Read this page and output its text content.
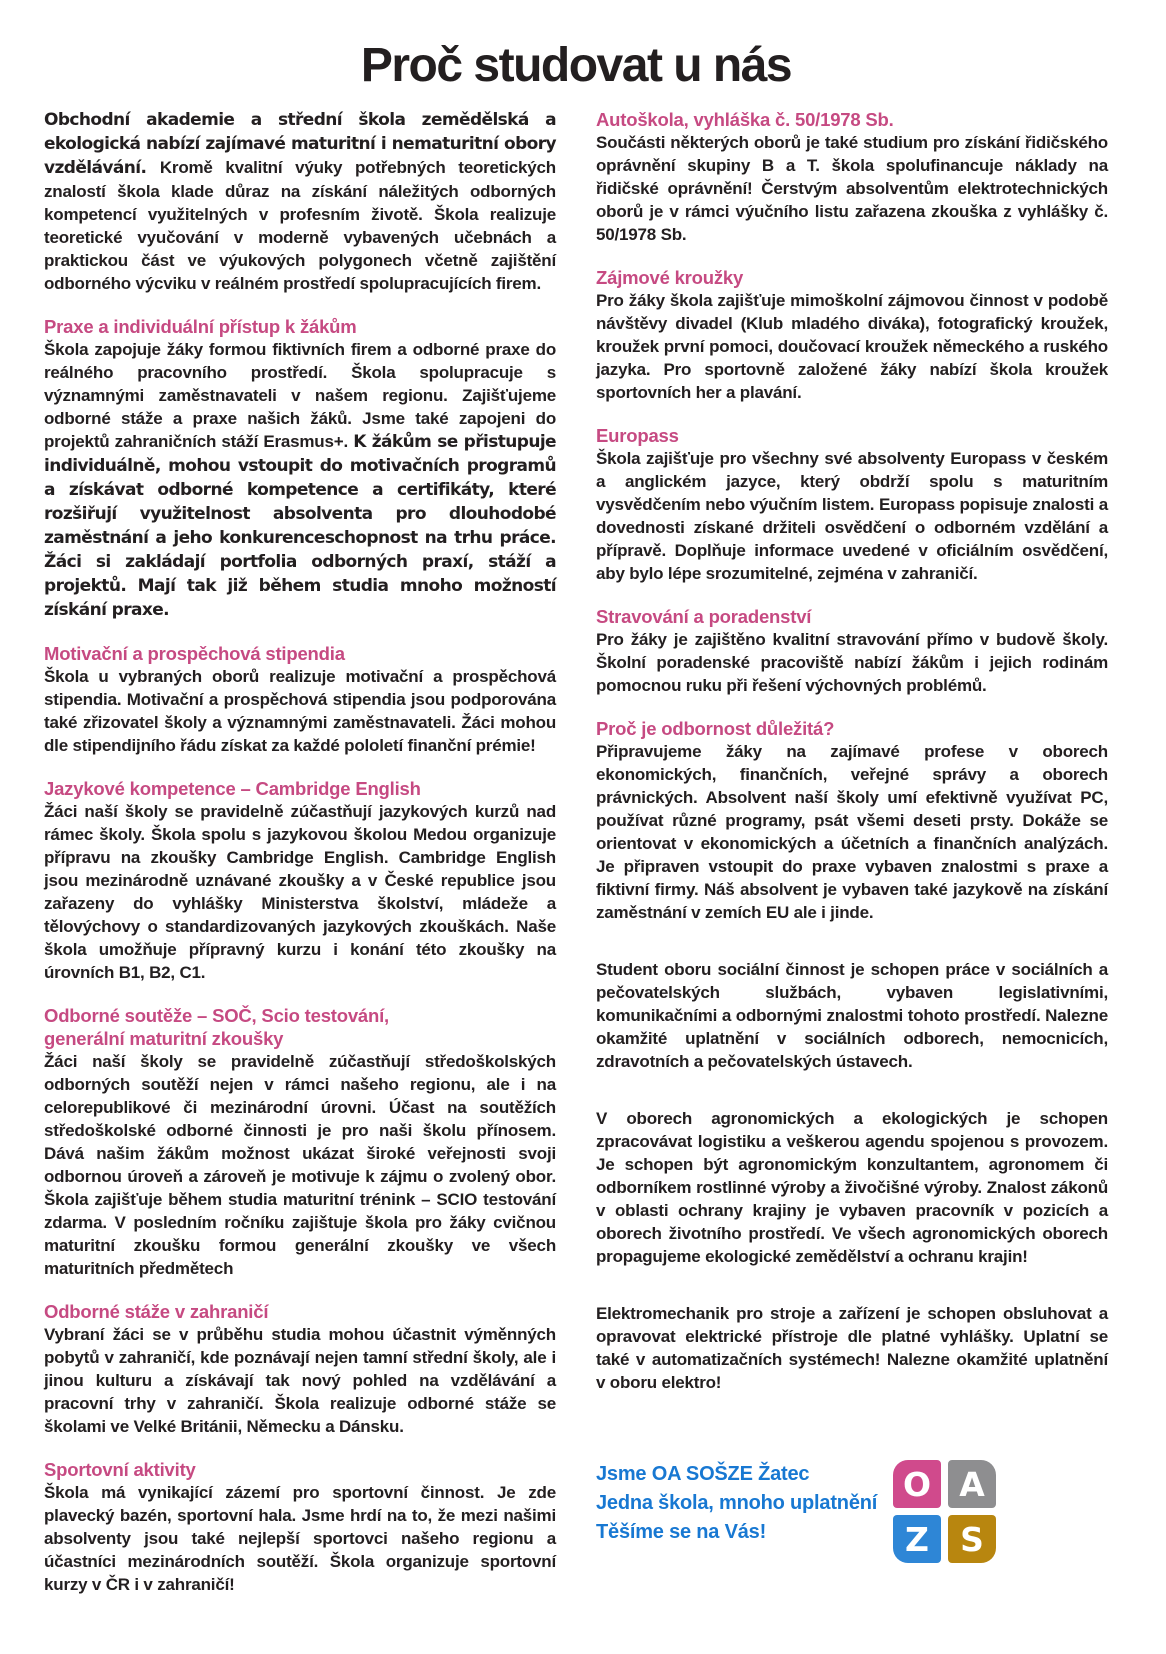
Proč studovat u nás

Obchodní akademie a střední škola zemědělská a ekologická nabízí zajímavé maturitní i nematuritní obory vzdělávání. Kromě kvalitní výuky potřebných teoretických znalostí škola klade důraz na získání náležitých odborných kompetencí využitelných v profesním životě. Škola realizuje teoretické vyučování v moderně vybavených učebnách a praktickou část ve výukových polygonech včetně zajištění odborného výcviku v reálném prostředí spolupracujících firem.

Praxe a individuální přístup k žákům

Škola zapojuje žáky formou fiktivních firem a odborné praxe do reálného pracovního prostředí. Škola spolupracuje s významnými zaměstnavateli v našem regionu. Zajišťujeme odborné stáže a praxe našich žáků. Jsme také zapojeni do projektů zahraničních stáží Erasmus+. K žákům se přistupuje individuálně, mohou vstoupit do motivačních programů a získávat odborné kompetence a certifikáty, které rozšiřují využitelnost absolventa pro dlouhodobé zaměstnání a jeho konkurenceschopnost na trhu práce. Žáci si zakládají portfolia odborných praxí, stáží a projektů. Mají tak již během studia mnoho možností získání praxe.

Motivační a prospěchová stipendia

Škola u vybraných oborů realizuje motivační a prospěchová stipendia. Motivační a prospěchová stipendia jsou podporována také zřizovatel školy a významnými zaměstnavateli. Žáci mohou dle stipendijního řádu získat za každé pololetí finanční prémie!

Jazykové kompetence – Cambridge English

Žáci naší školy se pravidelně zúčastňují jazykových kurzů nad rámec školy. Škola spolu s jazykovou školou Medou organizuje přípravu na zkoušky Cambridge English. Cambridge English jsou mezinárodně uznávané zkoušky a v České republice jsou zařazeny do vyhlášky Ministerstva školství, mládeže a tělovýchovy o standardizovaných jazykových zkouškách. Naše škola umožňuje přípravný kurzu i konání této zkoušky na úrovních B1, B2, C1.

Odborné soutěže – SOČ, Scio testování,
generální maturitní zkoušky

Žáci naší školy se pravidelně zúčastňují středoškolských odborných soutěží nejen v rámci našeho regionu, ale i na celorepublikové či mezinárodní úrovni. Účast na soutěžích středoškolské odborné činnosti je pro naši školu přínosem. Dává našim žákům možnost ukázat široké veřejnosti svoji odbornou úroveň a zároveň je motivuje k zájmu o zvolený obor. Škola zajišťuje během studia maturitní trénink – SCIO testování zdarma. V posledním ročníku zajištuje škola pro žáky cvičnou maturitní zkoušku formou generální zkoušky ve všech maturitních předmětech

Odborné stáže v zahraničí

Vybraní žáci se v průběhu studia mohou účastnit výměnných pobytů v zahraničí, kde poznávají nejen tamní střední školy, ale i jinou kulturu a získávají tak nový pohled na vzdělávání a pracovní trhy v zahraničí. Škola realizuje odborné stáže se školami ve Velké Británii, Německu a Dánsku.

Sportovní aktivity

Škola má vynikající zázemí pro sportovní činnost. Je zde plavecký bazén, sportovní hala. Jsme hrdí na to, že mezi našimi absolventy jsou také nejlepší sportovci našeho regionu a účastníci mezinárodních soutěží. Škola organizuje sportovní kurzy v ČR i v zahraničí!

Autoškola, vyhláška č. 50/1978 Sb.

Součásti některých oborů je také studium pro získání řidičského oprávnění skupiny B a T. škola spolufinancuje náklady na řidičské oprávnění! Čerstvým absolventům elektrotechnických oborů je v rámci výučního listu zařazena zkouška z vyhlášky č. 50/1978 Sb.

Zájmové kroužky

Pro žáky škola zajišťuje mimoškolní zájmovou činnost v podobě návštěvy divadel (Klub mladého diváka), fotografický kroužek, kroužek první pomoci, doučovací kroužek německého a ruského jazyka. Pro sportovně založené žáky nabízí škola kroužek sportovních her a plavání.

Europass

Škola zajišťuje pro všechny své absolventy Europass v českém a anglickém jazyce, který obdrží spolu s maturitním vysvědčením nebo výučním listem. Europass popisuje znalosti a dovednosti získané držiteli osvědčení o odborném vzdělání a přípravě. Doplňuje informace uvedené v oficiálním osvědčení, aby bylo lépe srozumitelné, zejména v zahraničí.

Stravování a poradenství

Pro žáky je zajištěno kvalitní stravování přímo v budově školy. Školní poradenské pracoviště nabízí žákům i jejich rodinám pomocnou ruku při řešení výchovných problémů.

Proč je odbornost důležitá?

Připravujeme žáky na zajímavé profese v oborech ekonomických, finančních, veřejné správy a oborech právnických. Absolvent naší školy umí efektivně využívat PC, používat různé programy, psát všemi deseti prsty. Dokáže se orientovat v ekonomických a účetních a finančních analýzách. Je připraven vstoupit do praxe vybaven znalostmi s praxe a fiktivní firmy. Náš absolvent je vybaven také jazykově na získání zaměstnání v zemích EU ale i jinde.

Student oboru sociální činnost je schopen práce v sociálních a pečovatelských službách, vybaven legislativními, komunikačními a odbornými znalostmi tohoto prostředí. Nalezne okamžité uplatnění v sociálních odborech, nemocnicích, zdravotních a pečovatelských ústavech.

V oborech agronomických a ekologických je schopen zpracovávat logistiku a veškerou agendu spojenou s provozem. Je schopen být agronomickým konzultantem, agronomem či odborníkem rostlinné výroby a živočišné výroby. Znalost zákonů v oblasti ochrany krajiny je vybaven pracovník v pozicích a oborech životního prostředí. Ve všech agronomických oborech propagujeme ekologické zemědělství a ochranu krajin!

Elektromechanik pro stroje a zařízení je schopen obsluhovat a opravovat elektrické přístroje dle platné vyhlášky. Uplatní se také v automatizačních systémech! Nalezne okamžité uplatnění v oboru elektro!

Jsme OA SOŠZE Žatec
Jedna škola, mnoho uplatnění
Těšíme se na Vás!
O A
Z S
